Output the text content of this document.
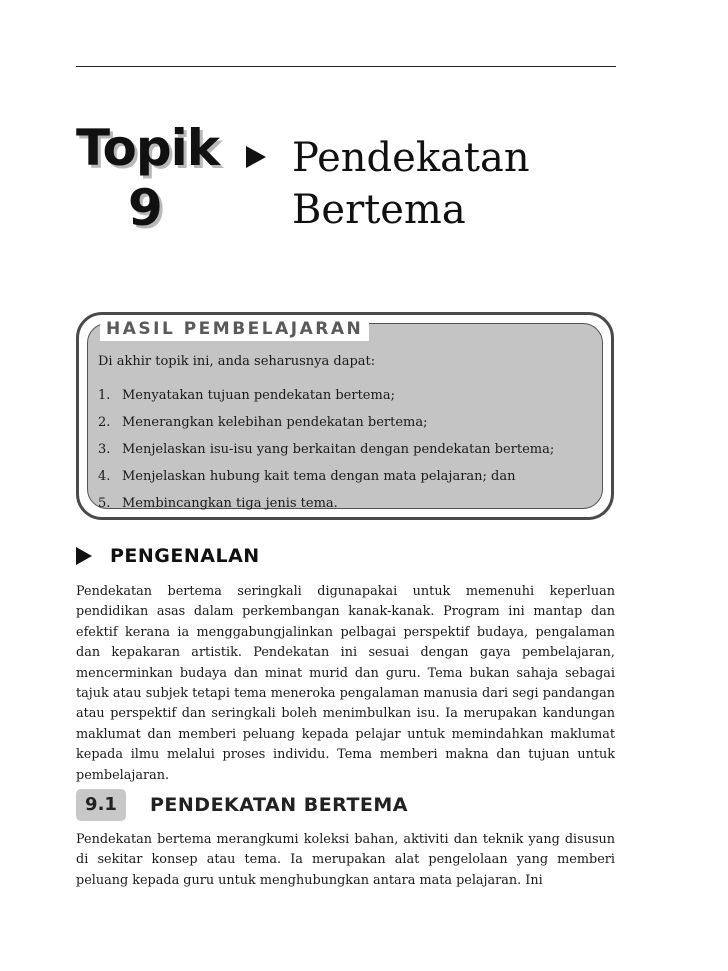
Topik
9
Pendekatan
Bertema
HASIL PEMBELAJARAN
Di akhir topik ini, anda seharusnya dapat:
1. Menyatakan tujuan pendekatan bertema;
2. Menerangkan kelebihan pendekatan bertema;
3. Menjelaskan isu-isu yang berkaitan dengan pendekatan bertema;
4. Menjelaskan hubung kait tema dengan mata pelajaran; dan
5. Membincangkan tiga jenis tema.
PENGENALAN

Pendekatan bertema seringkali digunapakai untuk memenuhi keperluan pendidikan asas dalam perkembangan kanak-kanak. Program ini mantap dan efektif kerana ia menggabungjalinkan pelbagai perspektif budaya, pengalaman dan kepakaran artistik. Pendekatan ini sesuai dengan gaya pembelajaran, mencerminkan budaya dan minat murid dan guru. Tema bukan sahaja sebagai tajuk atau subjek tetapi tema meneroka pengalaman manusia dari segi pandangan atau perspektif dan seringkali boleh menimbulkan isu. Ia merupakan kandungan maklumat dan memberi peluang kepada pelajar untuk memindahkan maklumat kepada ilmu melalui proses individu. Tema memberi makna dan tujuan untuk pembelajaran.

9.1	PENDEKATAN BERTEMA

Pendekatan bertema merangkumi koleksi bahan, aktiviti dan teknik yang disusun di sekitar konsep atau tema. Ia merupakan alat pengelolaan yang memberi peluang kepada guru untuk menghubungkan antara mata pelajaran. Ini
